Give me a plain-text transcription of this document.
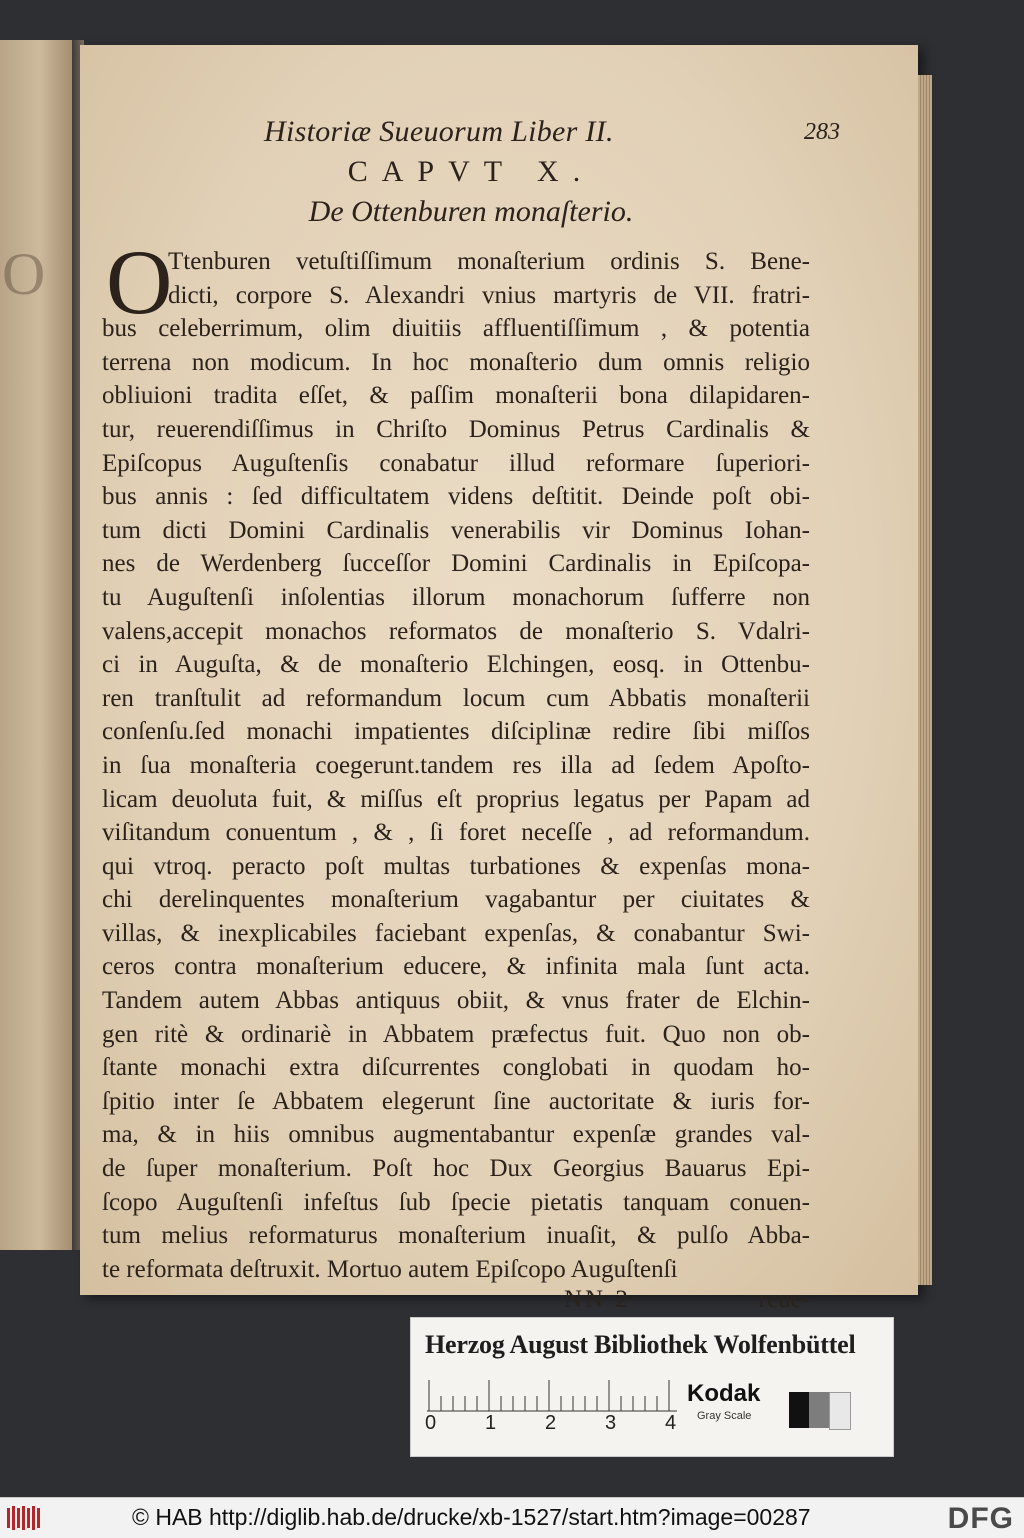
O
Historiæ Sueuorum Liber II.	283
CAPVT X.
De Ottenburen monaſterio.
O
Ttenburen vetuſtiſſimum monaſterium ordinis S. Bene-
dicti, corpore S. Alexandri vnius martyris de VII. fratri-
bus celeberrimum, olim diuitiis affluentiſſimum , & potentia
terrena non modicum. In hoc monaſterio dum omnis religio
obliuioni tradita eſſet, & paſſim monaſterii bona dilapidaren-
tur, reuerendiſſimus in Chriſto Dominus Petrus Cardinalis &
Epiſcopus Auguſtenſis conabatur illud reformare ſuperiori-
bus annis : ſed difficultatem videns deſtitit. Deinde poſt obi-
tum dicti Domini Cardinalis venerabilis vir Dominus Iohan-
nes de Werdenberg ſucceſſor Domini Cardinalis in Epiſcopa-
tu Auguſtenſi inſolentias illorum monachorum ſufferre non
valens,accepit monachos reformatos de monaſterio S. Vdalri-
ci in Auguſta, & de monaſterio Elchingen, eosq. in Ottenbu-
ren tranſtulit ad reformandum locum cum Abbatis monaſterii
conſenſu.ſed monachi impatientes diſciplinæ redire ſibi miſſos
in ſua monaſteria coegerunt.tandem res illa ad ſedem Apoſto-
licam deuoluta fuit, & miſſus eſt proprius legatus per Papam ad
viſitandum conuentum , & , ſi foret neceſſe , ad reformandum.
qui vtroq. peracto poſt multas turbationes & expenſas mona-
chi derelinquentes monaſterium vagabantur per ciuitates &
villas, & inexplicabiles faciebant expenſas, & conabantur Swi-
ceros contra monaſterium educere, & infinita mala ſunt acta.
Tandem autem Abbas antiquus obiit, & vnus frater de Elchin-
gen ritè & ordinariè in Abbatem præfectus fuit. Quo non ob-
ſtante monachi extra diſcurrentes conglobati in quodam ho-
ſpitio inter ſe Abbatem elegerunt ſine auctoritate & iuris for-
ma, & in hiis omnibus augmentabantur expenſæ grandes val-
de ſuper monaſterium. Poſt hoc Dux Georgius Bauarus Epi-
ſcopo Auguſtenſi infeſtus ſub ſpecie pietatis tanquam conuen-
tum melius reformaturus monaſterium inuaſit, & pulſo Abba-
te reformata deſtruxit. Mortuo autem Epiſcopo Auguſtenſi
NN 2	reue-
Herzog August Bibliothek Wolfenbüttel
0 1 2 3 4
Kodak
Gray Scale
© HAB http://diglib.hab.de/drucke/xb-1527/start.htm?image=00287	DFG
